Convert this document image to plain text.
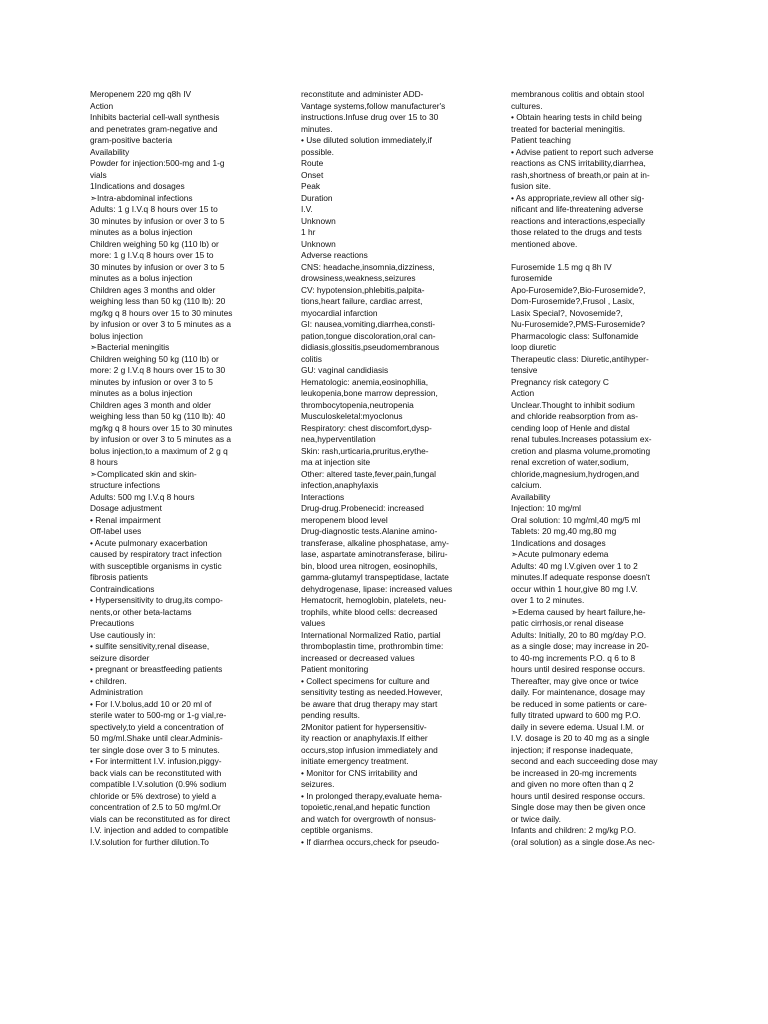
Meropenem 220 mg q8h IV
Action
Inhibits bacterial cell-wall synthesis
and penetrates gram-negative and
gram-positive bacteria
Availability
Powder for injection:500-mg and 1-g
vials
1Indications and dosages
➣Intra-abdominal infections
Adults: 1 g I.V.q 8 hours over 15 to
30 minutes by infusion or over 3 to 5
minutes as a bolus injection
Children weighing 50 kg (110 lb) or
more: 1 g I.V.q 8 hours over 15 to
30 minutes by infusion or over 3 to 5
minutes as a bolus injection
Children ages 3 months and older
weighing less than 50 kg (110 lb): 20
mg/kg q 8 hours over 15 to 30 minutes
by infusion or over 3 to 5 minutes as a
bolus injection
➣Bacterial meningitis
Children weighing 50 kg (110 lb) or
more: 2 g I.V.q 8 hours over 15 to 30
minutes by infusion or over 3 to 5
minutes as a bolus injection
Children ages 3 month and older
weighing less than 50 kg (110 lb): 40
mg/kg q 8 hours over 15 to 30 minutes
by infusion or over 3 to 5 minutes as a
bolus injection,to a maximum of 2 g q
8 hours
➣Complicated skin and skin-
structure infections
Adults: 500 mg I.V.q 8 hours
Dosage adjustment
• Renal impairment
Off-label uses
• Acute pulmonary exacerbation
caused by respiratory tract infection
with susceptible organisms in cystic
fibrosis patients
Contraindications
• Hypersensitivity to drug,its compo-
nents,or other beta-lactams
Precautions
Use cautiously in:
• sulfite sensitivity,renal disease,
seizure disorder
• pregnant or breastfeeding patients
• children.
Administration
• For I.V.bolus,add 10 or 20 ml of
sterile water to 500-mg or 1-g vial,re-
spectively,to yield a concentration of
50 mg/ml.Shake until clear.Adminis-
ter single dose over 3 to 5 minutes.
• For intermittent I.V. infusion,piggy-
back vials can be reconstituted with
compatible I.V.solution (0.9% sodium
chloride or 5% dextrose) to yield a
concentration of 2.5 to 50 mg/ml.Or
vials can be reconstituted as for direct
I.V. injection and added to compatible
I.V.solution for further dilution.To
reconstitute and administer ADD-
Vantage systems,follow manufacturer's
instructions.Infuse drug over 15 to 30
minutes.
• Use diluted solution immediately,if
possible.
Route
Onset
Peak
Duration
I.V.
Unknown
1 hr
Unknown
Adverse reactions
CNS: headache,insomnia,dizziness,
drowsiness,weakness,seizures
CV: hypotension,phlebitis,palpita-
tions,heart failure, cardiac arrest,
myocardial infarction
GI: nausea,vomiting,diarrhea,consti-
pation,tongue discoloration,oral can-
didiasis,glossitis,pseudomembranous
colitis
GU: vaginal candidiasis
Hematologic: anemia,eosinophilia,
leukopenia,bone marrow depression,
thrombocytopenia,neutropenia
Musculoskeletal:myoclonus
Respiratory: chest discomfort,dysp-
nea,hyperventilation
Skin: rash,urticaria,pruritus,erythe-
ma at injection site
Other: altered taste,fever,pain,fungal
infection,anaphylaxis
Interactions
Drug-drug.Probenecid: increased
meropenem blood level
Drug-diagnostic tests.Alanine amino-
transferase, alkaline phosphatase, amy-
lase, aspartate aminotransferase, biliru-
bin, blood urea nitrogen, eosinophils,
gamma-glutamyl transpeptidase, lactate
dehydrogenase, lipase: increased values
Hematocrit, hemoglobin, platelets, neu-
trophils, white blood cells: decreased
values
International Normalized Ratio, partial
thromboplastin time, prothrombin time:
increased or decreased values
Patient monitoring
• Collect specimens for culture and
sensitivity testing as needed.However,
be aware that drug therapy may start
pending results.
2Monitor patient for hypersensitiv-
ity reaction or anaphylaxis.If either
occurs,stop infusion immediately and
initiate emergency treatment.
• Monitor for CNS irritability and
seizures.
• In prolonged therapy,evaluate hema-
topoietic,renal,and hepatic function
and watch for overgrowth of nonsus-
ceptible organisms.
• If diarrhea occurs,check for pseudo-
membranous colitis and obtain stool
cultures.
• Obtain hearing tests in child being
treated for bacterial meningitis.
Patient teaching
• Advise patient to report such adverse
reactions as CNS irritability,diarrhea,
rash,shortness of breath,or pain at in-
fusion site.
• As appropriate,review all other sig-
nificant and life-threatening adverse
reactions and interactions,especially
those related to the drugs and tests
mentioned above.
Furosemide 1.5 mg q 8h IV
furosemide
Apo-Furosemide?,Bio-Furosemide?,
Dom-Furosemide?,Frusol , Lasix,
Lasix Special?, Novosemide?,
Nu-Furosemide?,PMS-Furosemide?
Pharmacologic class: Sulfonamide
loop diuretic
Therapeutic class: Diuretic,antihyper-
tensive
Pregnancy risk category C
Action
Unclear.Thought to inhibit sodium
and chloride reabsorption from as-
cending loop of Henle and distal
renal tubules.Increases potassium ex-
cretion and plasma volume,promoting
renal excretion of water,sodium,
chloride,magnesium,hydrogen,and
calcium.
Availability
Injection: 10 mg/ml
Oral solution: 10 mg/ml,40 mg/5 ml
Tablets: 20 mg,40 mg,80 mg
1Indications and dosages
➣Acute pulmonary edema
Adults: 40 mg I.V.given over 1 to 2
minutes.If adequate response doesn't
occur within 1 hour,give 80 mg I.V.
over 1 to 2 minutes.
➣Edema caused by heart failure,he-
patic cirrhosis,or renal disease
Adults: Initially, 20 to 80 mg/day P.O.
as a single dose; may increase in 20-
to 40-mg increments P.O. q 6 to 8
hours until desired response occurs.
Thereafter, may give once or twice
daily. For maintenance, dosage may
be reduced in some patients or care-
fully titrated upward to 600 mg P.O.
daily in severe edema. Usual I.M. or
I.V. dosage is 20 to 40 mg as a single
injection; if response inadequate,
second and each succeeding dose may
be increased in 20-mg increments
and given no more often than q 2
hours until desired response occurs.
Single dose may then be given once
or twice daily.
Infants and children: 2 mg/kg P.O.
(oral solution) as a single dose.As nec-
